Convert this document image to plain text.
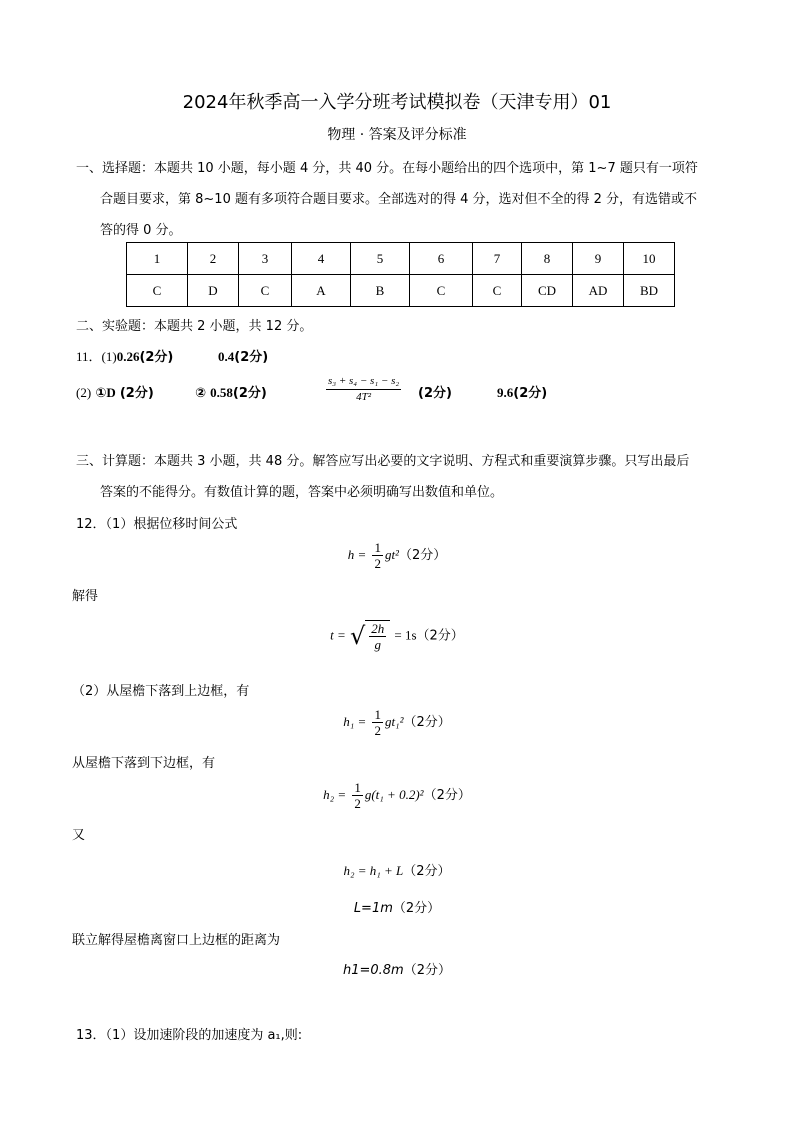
2024年秋季高一入学分班考试模拟卷（天津专用）01
物理 · 答案及评分标准
一、选择题：本题共 10 小题，每小题 4 分，共 40 分。在每小题给出的四个选项中，第 1~7 题只有一项符
合题目要求，第 8~10 题有多项符合题目要求。全部选对的得 4 分，选对但不全的得 2 分，有选错或不
答的得 0 分。
1	2	3	4	5	6	7	8	9	10
C	D	C	A	B	C	C	CD	AD	BD
二、实验题：本题共 2 小题，共 12 分。
11．(1)0.26(2分)	0.4(2分)
(2) ①D (2分)	② 0.58(2分)	$\frac{\text{s₃ + s₄ − s₁ − s₂}}{\text{4T²}} (2$分)	9.6(2分)
三、计算题：本题共 3 小题，共 48 分。解答应写出必要的文字说明、方程式和重要演算步骤。只写出最后
答案的不能得分。有数值计算的题，答案中必须明确写出数值和单位。
12．（1）根据位移时间公式
$h = \frac{1}{2} gt^2(2$分）
解得
t = √ $\frac{2h}{g} = 1s(2$分）
（2）从屋檐下落到上边框，有
$h_1 = \frac{1}{2} gt_1^2(2$分）
从屋檐下落到下边框，有
$h_2 = \frac{1}{2} g(t_1 + 0.2)^2(2$分）
又
h₂ = h₁ + L（2分）
L=1m（2分）
联立解得屋檐离窗口上边框的距离为
h1=0.8m（2分）
13．（1）设加速阶段的加速度为 a₁,则:
